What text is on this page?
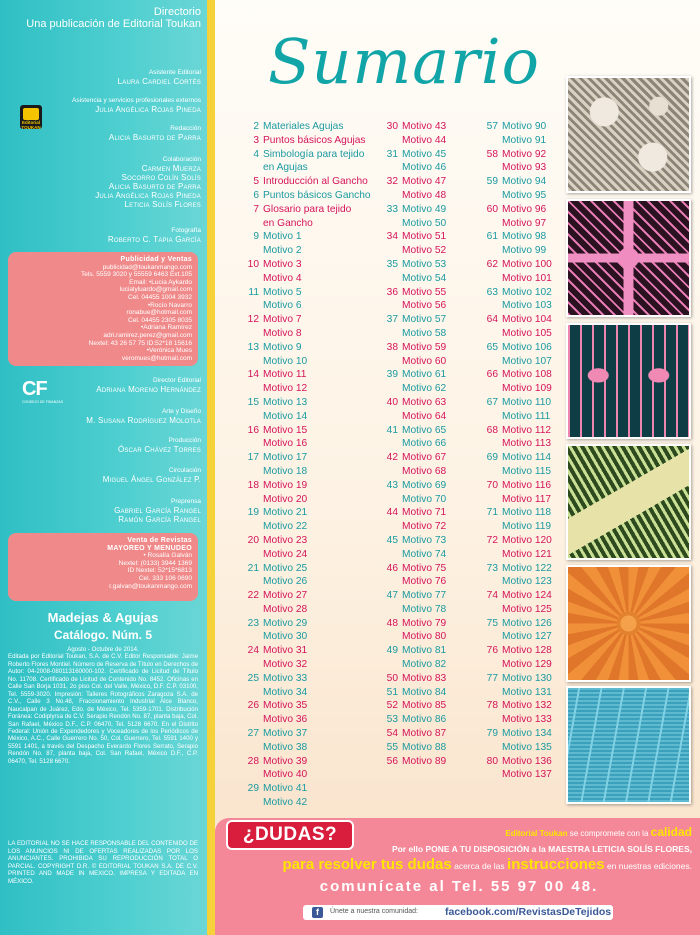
Directorio
Una publicación de Editorial Toukan
Asistente Editorial
Laura Cardiel Cortés
Asistencia y servicios profesionales externos
Julia Angélica Rojas Pineda
Editorial TOUKAN	Redacción
Alicia Basurto de Parra
Colaboración
Carmen Muerza
Socorro Colín Solís
Alicia Basurto de Parra
Julia Angélica Rojas Pineda
Leticia Solís Flores
Fotografía
Roberto C. Tapia García
Publicidad y Ventas
publicidad@toukanmango.com
Tels. 5559 3020 y 55559 6463 Ext.105
Email: •Lucia Aykardo
lucialyluardo@gmail.com
Cel. 04455 1004 3932
•Rocío Navarro
ronabue@hotmail.com
Cel. 04455 2305 8035
•Adriana Ramírez
adri.ramirez.perez@gmail.com
Nextel: 43 26 57 75 ID:52*18 15616
•Verónica Mues
veromues@hotmail.com
CF
CONSEJO DE FINANZAS
Director Editorial
Adriana Moreno Hernández
Arte y Diseño
M. Susana Rodríguez Molotla
Producción
Óscar Chávez Torres
Circulación
Miguel Ángel González P.
Preprensa
Gabriel García Rangel
Ramón García Rangel
Venta de Revistas
MAYOREO Y MENUDEO
• Rosalía Galván
Nextel: (0133) 3944 1369
ID Nextel: 52*15*6813
Cel. 333 106 0690
r.galvan@toukanmango.com
Madejas & Agujas
Catálogo. Núm. 5
Agosto - Octubre de 2014.
Editada por Editorial Toukan, S.A. de C.V. Editor Responsable: Jaime Roberto Flores Montiel. Número de Reserva de Título en Derechos de Autor: 04-2008-080113160000-102. Certificado de Licitud de Título No. 11708. Certificado de Licitud de Contenido No. 8452. Oficinas en Calle San Borja 1031, 2o piso Col. del Valle, México, D.F. C.P. 03100, Tel. 5559-3020. Impresión: Talleres Rotográficos Zaragoza S.A. de C.V., Calle 3 No.48, Fraccionamiento Industrial Alce Blanco, Naucalpan de Juárez, Edo. de México, Tel. 5359-1701. Distribución Foránea: Codiplyrsa de C.V. Serapio Rendón No. 87, planta baja, Col. San Rafael, México D.F., C.P. 06470, Tel. 5128 6670. En el Distrito Federal: Unión de Expendedores y Voceadores de los Periódicos de México, A.C., Calle Guerrero No. 50, Col. Guerrero, Tel. 5591 1400 y 5591 1401, a través del Despacho Everardo Flores Serrato, Serapio Rendón No. 87, planta baja, Col. San Rafael, México D.F., C.P. 06470, Tel. 5128 6670.
LA EDITORIAL NO SE HACE RESPONSABLE DEL CONTENIDO DE LOS ANUNCIOS NI DE OFERTAS REALIZADAS POR LOS ANUNCIANTES. PROHIBIDA SU REPRODUCCIÓN TOTAL O PARCIAL. COPYRIGHT D.R. © EDITORIAL TOUKAN S.A. DE C.V. PRINTED AND MADE IN MEXICO. IMPRESA Y EDITADA EN MÉXICO.
Sumario
2 Materiales Agujas
3 Puntos básicos Agujas
4 Simbología para tejido
en Agujas
5 Introducción al Gancho
6 Puntos básicos Gancho
7 Glosario para tejido
en Gancho
9 Motivo 1
Motivo 2
10 Motivo 3
Motivo 4
11 Motivo 5
Motivo 6
12 Motivo 7
Motivo 8
13 Motivo 9
Motivo 10
14 Motivo 11
Motivo 12
15 Motivo 13
Motivo 14
16 Motivo 15
Motivo 16
17 Motivo 17
Motivo 18
18 Motivo 19
Motivo 20
19 Motivo 21
Motivo 22
20 Motivo 23
Motivo 24
21 Motivo 25
Motivo 26
22 Motivo 27
Motivo 28
23 Motivo 29
Motivo 30
24 Motivo 31
Motivo 32
25 Motivo 33
Motivo 34
26 Motivo 35
Motivo 36
27 Motivo 37
Motivo 38
28 Motivo 39
Motivo 40
29 Motivo 41
Motivo 42
30 Motivo 43
Motivo 44
31 Motivo 45
Motivo 46
32 Motivo 47
Motivo 48
33 Motivo 49
Motivo 50
34 Motivo 51
Motivo 52
35 Motivo 53
Motivo 54
36 Motivo 55
Motivo 56
37 Motivo 57
Motivo 58
38 Motivo 59
Motivo 60
39 Motivo 61
Motivo 62
40 Motivo 63
Motivo 64
41 Motivo 65
Motivo 66
42 Motivo 67
Motivo 68
43 Motivo 69
Motivo 70
44 Motivo 71
Motivo 72
45 Motivo 73
Motivo 74
46 Motivo 75
Motivo 76
47 Motivo 77
Motivo 78
48 Motivo 79
Motivo 80
49 Motivo 81
Motivo 82
50 Motivo 83
51 Motivo 84
52 Motivo 85
53 Motivo 86
54 Motivo 87
55 Motivo 88
56 Motivo 89
57 Motivo 90
Motivo 91
58 Motivo 92
Motivo 93
59 Motivo 94
Motivo 95
60 Motivo 96
Motivo 97
61 Motivo 98
Motivo 99
62 Motivo 100
Motivo 101
63 Motivo 102
Motivo 103
64 Motivo 104
Motivo 105
65 Motivo 106
Motivo 107
66 Motivo 108
Motivo 109
67 Motivo 110
Motivo 111
68 Motivo 112
Motivo 113
69 Motivo 114
Motivo 115
70 Motivo 116
Motivo 117
71 Motivo 118
Motivo 119
72 Motivo 120
Motivo 121
73 Motivo 122
Motivo 123
74 Motivo 124
Motivo 125
75 Motivo 126
Motivo 127
76 Motivo 128
Motivo 129
77 Motivo 130
Motivo 131
78 Motivo 132
Motivo 133
79 Motivo 134
Motivo 135
80 Motivo 136
Motivo 137
¿DUDAS?	Editorial Toukan se compromete con la calidad
Por ello PONE A TU DISPOSICIÓN a la MAESTRA LETICIA SOLÍS FLORES,
para resolver tus dudas acerca de las instrucciones en nuestras ediciones.
comunícate al Tel. 55 97 00 48.
f	Únete a nuestra comunidad:	facebook.com/RevistasDeTejidos
